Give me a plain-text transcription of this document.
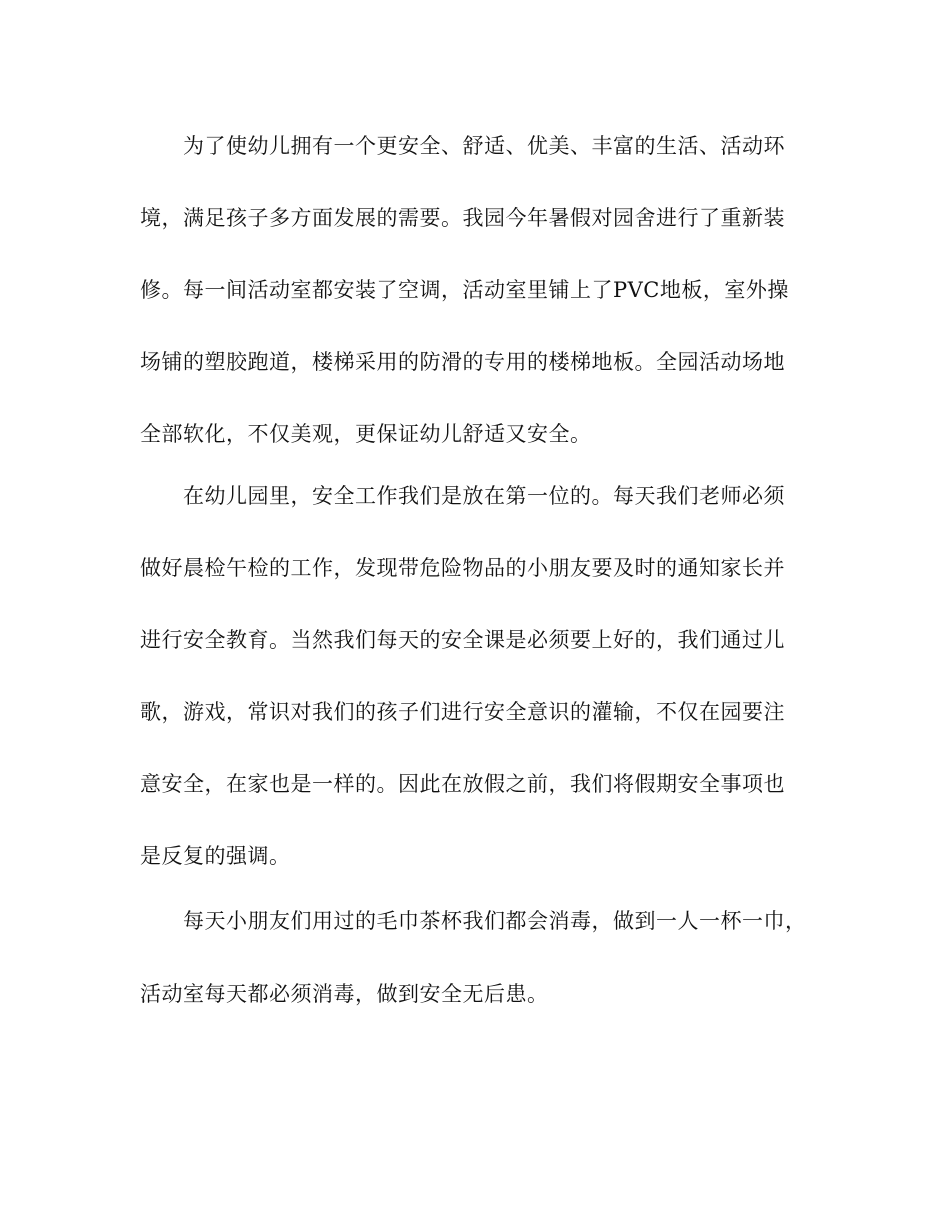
为了使幼儿拥有一个更安全、舒适、优美、丰富的生活、活动环
境，满足孩子多方面发展的需要。我园今年暑假对园舍进行了重新装
修。每一间活动室都安装了空调，活动室里铺上了PVC地板，室外操
场铺的塑胶跑道，楼梯采用的防滑的专用的楼梯地板。全园活动场地
全部软化，不仅美观，更保证幼儿舒适又安全。
在幼儿园里，安全工作我们是放在第一位的。每天我们老师必须
做好晨检午检的工作，发现带危险物品的小朋友要及时的通知家长并
进行安全教育。当然我们每天的安全课是必须要上好的，我们通过儿
歌，游戏，常识对我们的孩子们进行安全意识的灌输，不仅在园要注
意安全，在家也是一样的。因此在放假之前，我们将假期安全事项也
是反复的强调。
每天小朋友们用过的毛巾茶杯我们都会消毒，做到一人一杯一巾，
活动室每天都必须消毒，做到安全无后患。
